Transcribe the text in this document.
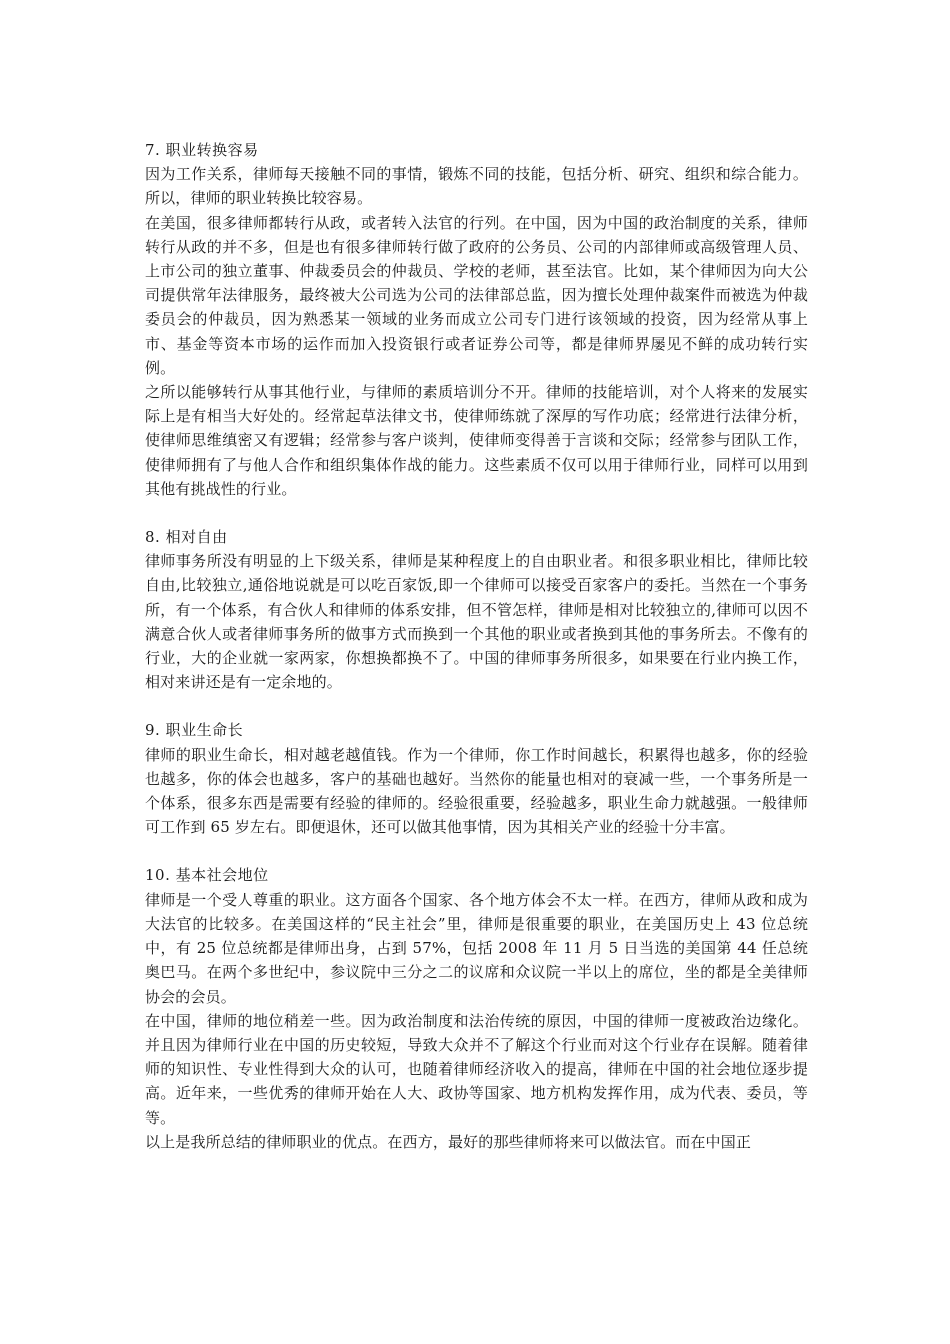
7. 职业转换容易

因为工作关系，律师每天接触不同的事情，锻炼不同的技能，包括分析、研究、组织和综合能力。所以，律师的职业转换比较容易。

在美国，很多律师都转行从政，或者转入法官的行列。在中国，因为中国的政治制度的关系，律师转行从政的并不多，但是也有很多律师转行做了政府的公务员、公司的内部律师或高级管理人员、上市公司的独立董事、仲裁委员会的仲裁员、学校的老师，甚至法官。比如，某个律师因为向大公司提供常年法律服务，最终被大公司选为公司的法律部总监，因为擅长处理仲裁案件而被选为仲裁委员会的仲裁员，因为熟悉某一领域的业务而成立公司专门进行该领域的投资，因为经常从事上市、基金等资本市场的运作而加入投资银行或者证券公司等，都是律师界屡见不鲜的成功转行实例。

之所以能够转行从事其他行业，与律师的素质培训分不开。律师的技能培训，对个人将来的发展实际上是有相当大好处的。经常起草法律文书，使律师练就了深厚的写作功底；经常进行法律分析，使律师思维缜密又有逻辑；经常参与客户谈判，使律师变得善于言谈和交际；经常参与团队工作，使律师拥有了与他人合作和组织集体作战的能力。这些素质不仅可以用于律师行业，同样可以用到其他有挑战性的行业。

8. 相对自由

律师事务所没有明显的上下级关系，律师是某种程度上的自由职业者。和很多职业相比，律师比较自由,比较独立,通俗地说就是可以吃百家饭,即一个律师可以接受百家客户的委托。当然在一个事务所，有一个体系，有合伙人和律师的体系安排，但不管怎样，律师是相对比较独立的,律师可以因不满意合伙人或者律师事务所的做事方式而换到一个其他的职业或者换到其他的事务所去。不像有的行业，大的企业就一家两家，你想换都换不了。中国的律师事务所很多，如果要在行业内换工作，相对来讲还是有一定余地的。

9. 职业生命长

律师的职业生命长，相对越老越值钱。作为一个律师，你工作时间越长，积累得也越多，你的经验也越多，你的体会也越多，客户的基础也越好。当然你的能量也相对的衰减一些，一个事务所是一个体系，很多东西是需要有经验的律师的。经验很重要，经验越多，职业生命力就越强。一般律师可工作到 65 岁左右。即便退休，还可以做其他事情，因为其相关产业的经验十分丰富。

10. 基本社会地位

律师是一个受人尊重的职业。这方面各个国家、各个地方体会不太一样。在西方，律师从政和成为大法官的比较多。在美国这样的“民主社会”里，律师是很重要的职业，在美国历史上 43 位总统中，有 25 位总统都是律师出身，占到 57%，包括 2008 年 11 月 5 日当选的美国第 44 任总统奥巴马。在两个多世纪中，参议院中三分之二的议席和众议院一半以上的席位，坐的都是全美律师协会的会员。

在中国，律师的地位稍差一些。因为政治制度和法治传统的原因，中国的律师一度被政治边缘化。并且因为律师行业在中国的历史较短，导致大众并不了解这个行业而对这个行业存在误解。随着律师的知识性、专业性得到大众的认可，也随着律师经济收入的提高，律师在中国的社会地位逐步提高。近年来，一些优秀的律师开始在人大、政协等国家、地方机构发挥作用，成为代表、委员，等等。

以上是我所总结的律师职业的优点。在西方，最好的那些律师将来可以做法官。而在中国正
